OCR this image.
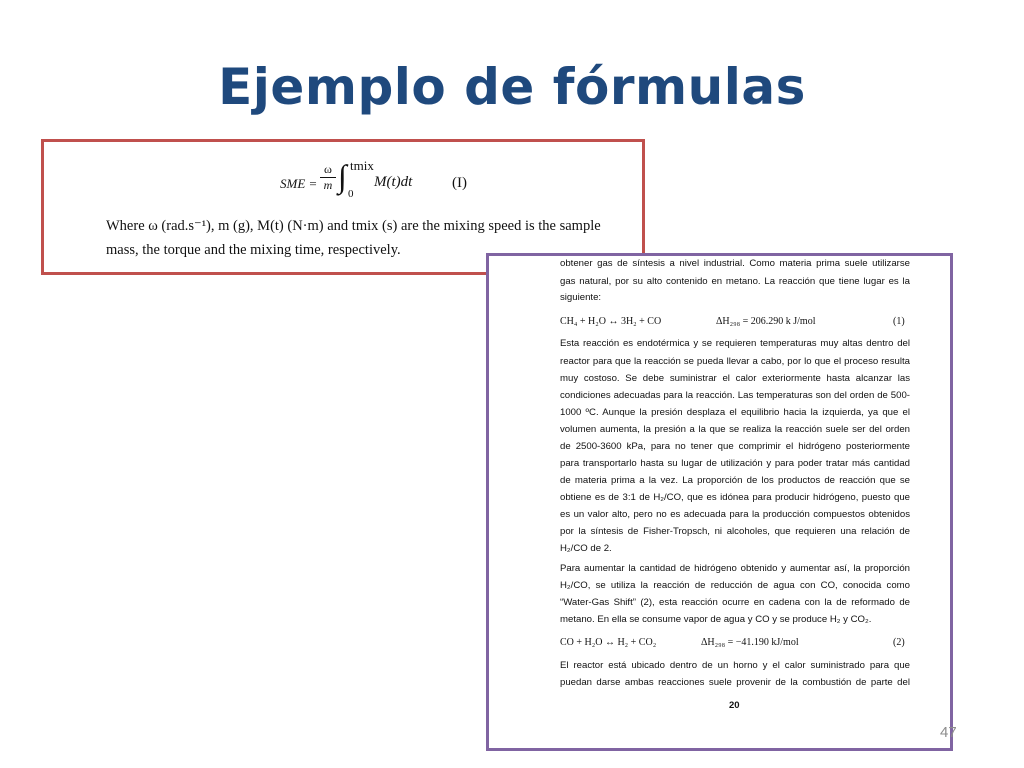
Ejemplo de fórmulas
SME = $\frac{\omega}{m}$ ∫ tmix
0
M(t)dt	(I)
Where ω (rad.s⁻¹), m (g), M(t) (N·m) and tmix (s) are the mixing speed is the sample
mass, the torque and the mixing time, respectively.
obtener gas de síntesis a nivel industrial. Como materia prima suele utilizarse
gas natural, por su alto contenido en metano. La reacción que tiene lugar es la
siguiente:
CH₄ + H₂O ↔ 3H₂ + CO	ΔH₂₉₈ = 206.290 k J/mol	(1)
Esta reacción es endotérmica y se requieren temperaturas muy altas dentro del
reactor para que la reacción se pueda llevar a cabo, por lo que el proceso resulta
muy costoso. Se debe suministrar el calor exteriormente hasta alcanzar las
condiciones adecuadas para la reacción. Las temperaturas son del orden de 500-
1000 ºC. Aunque la presión desplaza el equilibrio hacia la izquierda, ya que el
volumen aumenta, la presión a la que se realiza la reacción suele ser del orden
de 2500-3600 kPa, para no tener que comprimir el hidrógeno posteriormente
para transportarlo hasta su lugar de utilización y para poder tratar más cantidad
de materia prima a la vez. La proporción de los productos de reacción que se
obtiene es de 3:1 de H₂/CO, que es idónea para producir hidrógeno, puesto que
es un valor alto, pero no es adecuada para la producción compuestos obtenidos
por la síntesis de Fisher-Tropsch, ni alcoholes, que requieren una relación de
H₂/CO de 2.
Para aumentar la cantidad de hidrógeno obtenido y aumentar así, la proporción
H₂/CO, se utiliza la reacción de reducción de agua con CO, conocida como
“Water-Gas Shift” (2), esta reacción ocurre en cadena con la de reformado de
metano. En ella se consume vapor de agua y CO y se produce H₂ y CO₂.
CO + H₂O ↔ H₂ + CO₂	ΔH₂₉₈ = −41.190 kJ/mol	(2)
El reactor está ubicado dentro de un horno y el calor suministrado para que
puedan darse ambas reacciones suele provenir de la combustión de parte del
20
47
